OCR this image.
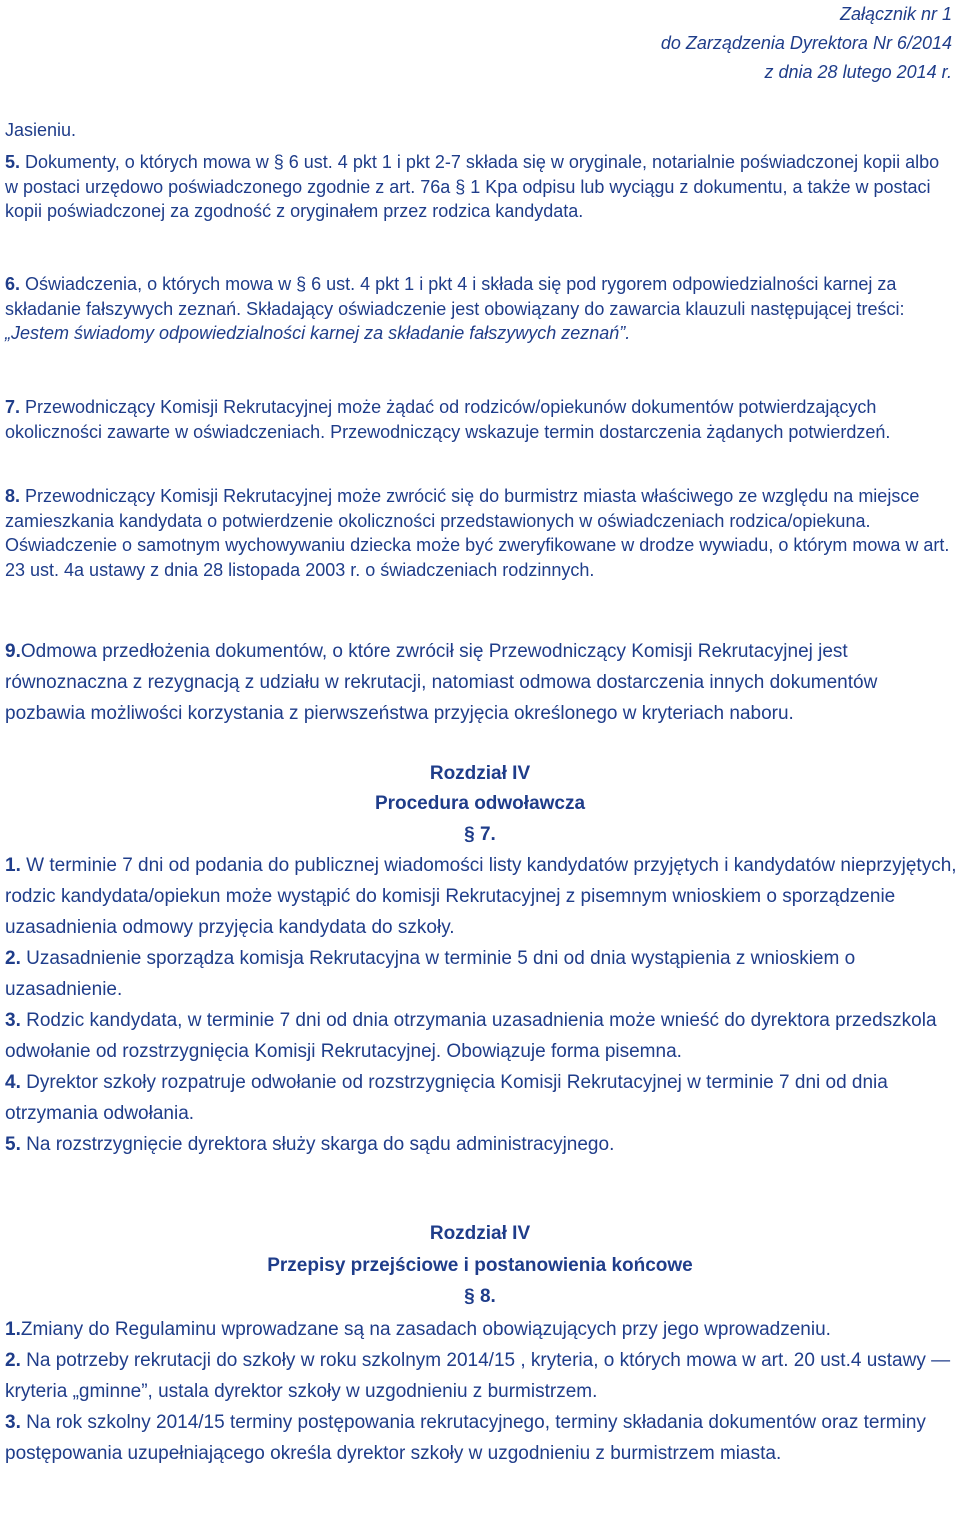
Załącznik nr 1
do Zarządzenia Dyrektora Nr 6/2014
z dnia 28 lutego 2014 r.
Jasieniu.
5. Dokumenty, o których mowa w § 6 ust. 4 pkt 1 i pkt 2-7 składa się w oryginale, notarialnie poświadczonej kopii albo w postaci urzędowo poświadczonego zgodnie z art. 76a § 1 Kpa odpisu lub wyciągu z dokumentu, a także w postaci kopii poświadczonej za zgodność z oryginałem przez rodzica kandydata.
6. Oświadczenia, o których mowa w § 6 ust. 4 pkt 1 i pkt 4 i składa się pod rygorem odpowiedzialności karnej za składanie fałszywych zeznań. Składający oświadczenie jest obowiązany do zawarcia klauzuli następującej treści: „Jestem świadomy odpowiedzialności karnej za składanie fałszywych zeznań”.
7. Przewodniczący Komisji Rekrutacyjnej może żądać od rodziców/opiekunów dokumentów potwierdzających okoliczności zawarte w oświadczeniach. Przewodniczący wskazuje termin dostarczenia żądanych potwierdzeń.
8. Przewodniczący Komisji Rekrutacyjnej może zwrócić się do burmistrz miasta właściwego ze względu na miejsce zamieszkania kandydata o potwierdzenie okoliczności przedstawionych w oświadczeniach rodzica/opiekuna. Oświadczenie o samotnym wychowywaniu dziecka może być zweryfikowane w drodze wywiadu, o którym mowa w art. 23 ust. 4a ustawy z dnia 28 listopada 2003 r. o świadczeniach rodzinnych.
9.Odmowa przedłożenia dokumentów, o które zwrócił się Przewodniczący Komisji Rekrutacyjnej jest równoznaczna z rezygnacją z udziału w rekrutacji, natomiast odmowa dostarczenia innych dokumentów pozbawia możliwości korzystania z pierwszeństwa przyjęcia określonego w kryteriach naboru.
Rozdział IV
Procedura odwoławcza
§ 7.
1. W terminie 7 dni od podania do publicznej wiadomości listy kandydatów przyjętych i kandydatów nieprzyjętych, rodzic kandydata/opiekun może wystąpić do komisji Rekrutacyjnej z pisemnym wnioskiem o sporządzenie uzasadnienia odmowy przyjęcia kandydata do szkoły.
2. Uzasadnienie sporządza komisja Rekrutacyjna w terminie 5 dni od dnia wystąpienia z wnioskiem o uzasadnienie.
3. Rodzic kandydata, w terminie 7 dni od dnia otrzymania uzasadnienia może wnieść do dyrektora przedszkola odwołanie od rozstrzygnięcia Komisji Rekrutacyjnej. Obowiązuje forma pisemna.
4. Dyrektor szkoły rozpatruje odwołanie od rozstrzygnięcia Komisji Rekrutacyjnej w terminie 7 dni od dnia otrzymania odwołania.
5. Na rozstrzygnięcie dyrektora służy skarga do sądu administracyjnego.
Rozdział IV
Przepisy przejściowe i postanowienia końcowe
§ 8.
1.Zmiany do Regulaminu wprowadzane są na zasadach obowiązujących przy jego wprowadzeniu.
2. Na potrzeby rekrutacji do szkoły w roku szkolnym 2014/15 , kryteria, o których mowa w art. 20 ust.4 ustawy — kryteria „gminne”, ustala dyrektor szkoły w uzgodnieniu z burmistrzem.
3. Na rok szkolny 2014/15 terminy postępowania rekrutacyjnego, terminy składania dokumentów oraz terminy postępowania uzupełniającego określa dyrektor szkoły w uzgodnieniu z burmistrzem miasta.
